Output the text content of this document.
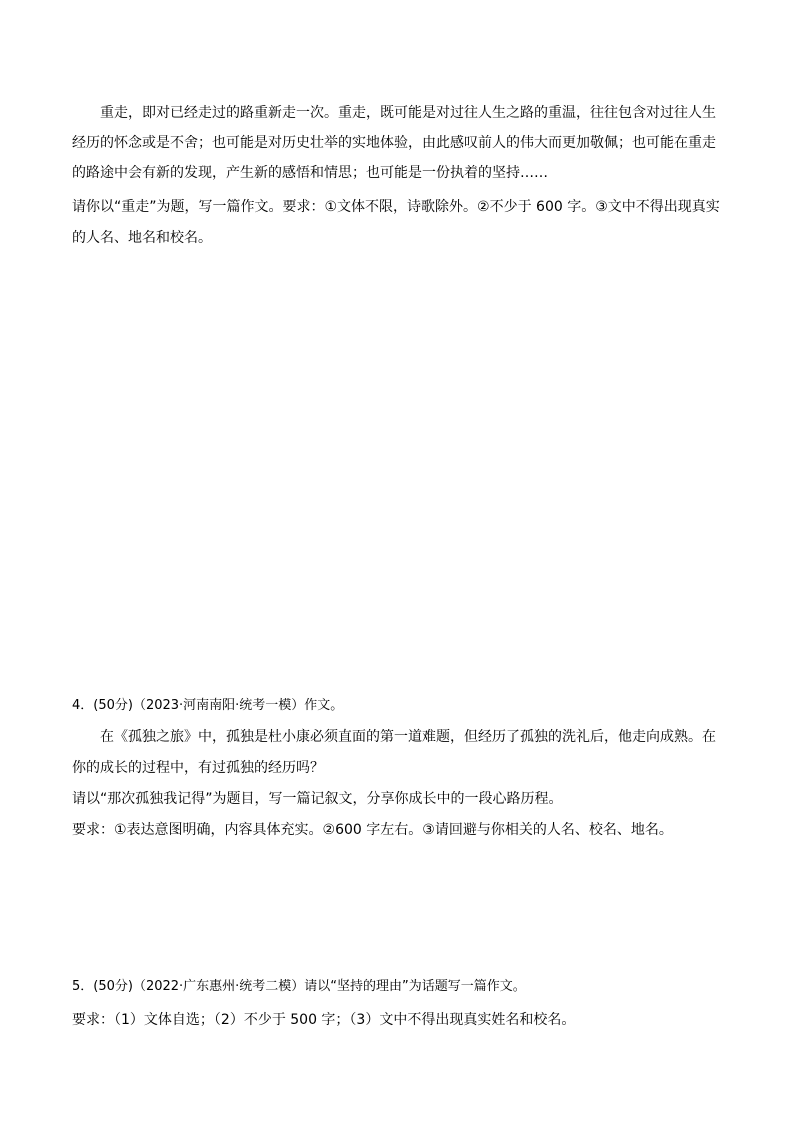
重走，即对已经走过的路重新走一次。重走，既可能是对过往人生之路的重温，往往包含对过往人生
经历的怀念或是不舍；也可能是对历史壮举的实地体验，由此感叹前人的伟大而更加敬佩；也可能在重走
的路途中会有新的发现，产生新的感悟和情思；也可能是一份执着的坚持……
请你以“重走”为题，写一篇作文。要求：①文体不限，诗歌除外。②不少于 600 字。③文中不得出现真实
的人名、地名和校名。
4．(50分)（2023·河南南阳·统考一模）作文。
在《孤独之旅》中，孤独是杜小康必须直面的第一道难题，但经历了孤独的洗礼后，他走向成熟。在
你的成长的过程中，有过孤独的经历吗？
请以“那次孤独我记得”为题目，写一篇记叙文，分享你成长中的一段心路历程。
要求：①表达意图明确，内容具体充实。②600 字左右。③请回避与你相关的人名、校名、地名。
5．(50分)（2022·广东惠州·统考二模）请以“坚持的理由”为话题写一篇作文。
要求：（1）文体自选；（2）不少于 500 字；（3）文中不得出现真实姓名和校名。
